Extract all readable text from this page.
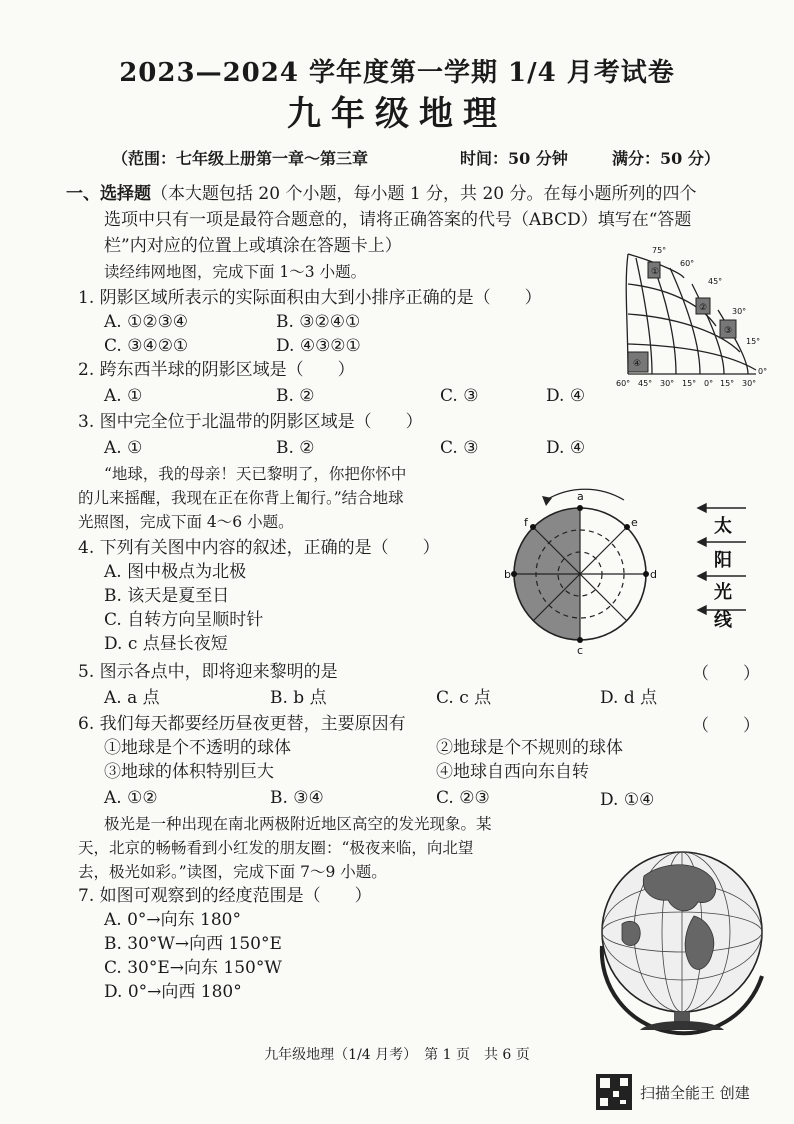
2023—2024 学年度第一学期 1/4 月考试卷
九年级地理
（范围：七年级上册第一章～第三章	时间：50 分钟	满分：50 分）
一、选择题（本大题包括 20 个小题，每小题 1 分，共 20 分。在每小题所列的四个
选项中只有一项是最符合题意的，请将正确答案的代号（ABCD）填写在“答题
栏”内对应的位置上或填涂在答题卡上）
读经纬网地图，完成下面 1～3 小题。
1. 阴影区域所表示的实际面积由大到小排序正确的是（　　）
A. ①②③④	B. ③②④①
C. ③④②①	D. ④③②①
2. 跨东西半球的阴影区域是（　　）
A. ①	B. ②	C. ③	D. ④
3. 图中完全位于北温带的阴影区域是（　　）
A. ①	B. ②	C. ③	D. ④
①
②
③
④
75°
60°
45°
30°
15°
0°
60° 45° 30° 15° 0° 15° 30°
“地球，我的母亲！天已黎明了，你把你怀中
的儿来摇醒，我现在正在你背上匍行。”结合地球
光照图，完成下面 4～6 小题。
4. 下列有关图中内容的叙述，正确的是（　　）
A. 图中极点为北极
B. 该天是夏至日
C. 自转方向呈顺时针
D. c 点昼长夜短
a
b
c
d
e
f	太
阳
光
线
5. 图示各点中，即将迎来黎明的是	（　　）
A. a 点	B. b 点	C. c 点	D. d 点
6. 我们每天都要经历昼夜更替，主要原因有	（　　）
①地球是个不透明的球体	②地球是个不规则的球体
③地球的体积特别巨大	④地球自西向东自转
A. ①②	B. ③④	C. ②③	D. ①④
极光是一种出现在南北两极附近地区高空的发光现象。某
天，北京的畅畅看到小红发的朋友圈：“极夜来临，向北望
去，极光如彩。”读图，完成下面 7～9 小题。
7. 如图可观察到的经度范围是（　　）
A. 0°→向东 180°
B. 30°W→向西 150°E
C. 30°E→向东 150°W
D. 0°→向西 180°
九年级地理（1/4 月考）　第 1 页　共 6 页
扫描全能王 创建
